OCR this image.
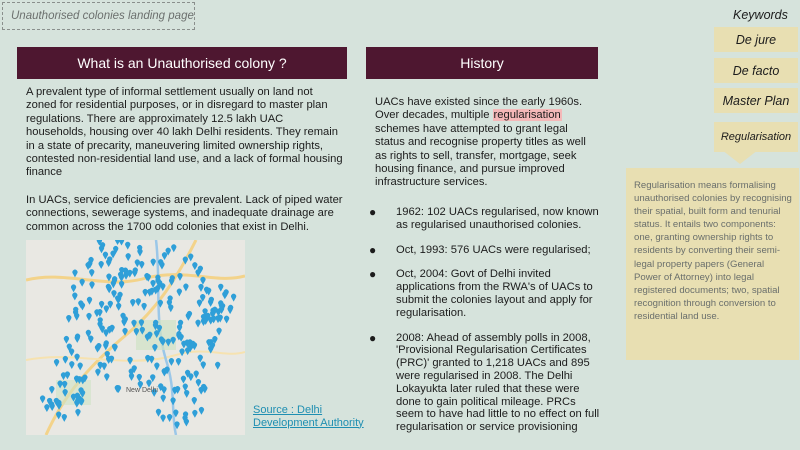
Unauthorised colonies landing page
What is an Unauthorised colony ?
A prevalent type of informal settlement usually on land not zoned for residential purposes, or in disregard to master plan regulations. There are approximately 12.5 lakh UAC households, housing over 40 lakh Delhi residents. They remain in a state of precarity, maneuvering limited ownership rights, contested non-residential land use, and a lack of formal housing finance
In UACs, service deficiencies are prevalent. Lack of piped water connections, sewerage systems, and inadequate drainage are common across the 1700 odd colonies that exist in Delhi.
New Delhi
Source : Delhi Development Authority
History
UACs have existed since the early 1960s. Over decades, multiple regularisation schemes have attempted to grant legal status and recognise property titles as well as rights to sell, transfer, mortgage, seek housing finance, and pursue improved infrastructure services.
● 1962: 102 UACs regularised, now known as regularised unauthorised colonies.
● Oct, 1993: 576 UACs were regularised;
● Oct, 2004: Govt of Delhi invited applications from the RWA's of UACs to submit the colonies layout and apply for regularisation.
● 2008: Ahead of assembly polls in 2008, 'Provisional Regularisation Certificates (PRC)' granted to 1,218 UACs and 895 were regularised in 2008. The Delhi Lokayukta later ruled that these were done to gain political mileage. PRCs seem to have had little to no effect on full regularisation or service provisioning
Keywords
De jure
De facto
Master Plan
Regularisation
Regularisation means formalising unauthorised colonies by recognising their spatial, built form and tenurial status. It entails two components: one, granting ownership rights to residents by converting their semi-legal property papers (General Power of Attorney) into legal registered documents; two, spatial recognition through conversion to residential land use.
